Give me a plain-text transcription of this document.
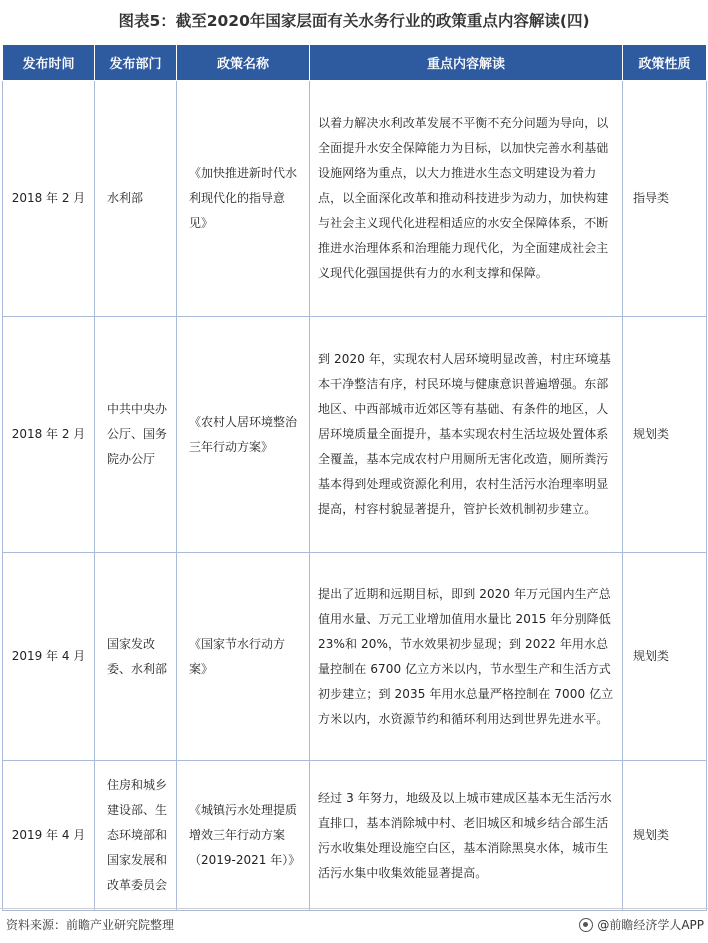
图表5：截至2020年国家层面有关水务行业的政策重点内容解读(四)
发布时间	发布部门	政策名称	重点内容解读	政策性质
2018 年 2 月	水利部	《加快推进新时代水利现代化的指导意见》	以着力解决水利改革发展不平衡不充分问题为导向，以全面提升水安全保障能力为目标，以加快完善水利基础设施网络为重点，以大力推进水生态文明建设为着力点，以全面深化改革和推动科技进步为动力，加快构建与社会主义现代化进程相适应的水安全保障体系，不断推进水治理体系和治理能力现代化，为全面建成社会主义现代化强国提供有力的水利支撑和保障。	指导类
2018 年 2 月	中共中央办公厅、国务院办公厅	《农村人居环境整治三年行动方案》	到 2020 年，实现农村人居环境明显改善，村庄环境基本干净整洁有序，村民环境与健康意识普遍增强。东部地区、中西部城市近郊区等有基础、有条件的地区，人居环境质量全面提升，基本实现农村生活垃圾处置体系全覆盖，基本完成农村户用厕所无害化改造，厕所粪污基本得到处理或资源化利用，农村生活污水治理率明显提高，村容村貌显著提升，管护长效机制初步建立。	规划类
2019 年 4 月	国家发改委、水利部	《国家节水行动方案》	提出了近期和远期目标，即到 2020 年万元国内生产总值用水量、万元工业增加值用水量比 2015 年分别降低 23%和 20%，节水效果初步显现；到 2022 年用水总量控制在 6700 亿立方米以内，节水型生产和生活方式初步建立；到 2035 年用水总量严格控制在 7000 亿立方米以内，水资源节约和循环利用达到世界先进水平。	规划类
2019 年 4 月	住房和城乡建设部、生态环境部和国家发展和改革委员会	《城镇污水处理提质增效三年行动方案（2019-2021 年）》	经过 3 年努力，地级及以上城市建成区基本无生活污水直排口，基本消除城中村、老旧城区和城乡结合部生活污水收集处理设施空白区，基本消除黑臭水体，城市生活污水集中收集效能显著提高。	规划类
资料来源：前瞻产业研究院整理	@前瞻经济学人APP
